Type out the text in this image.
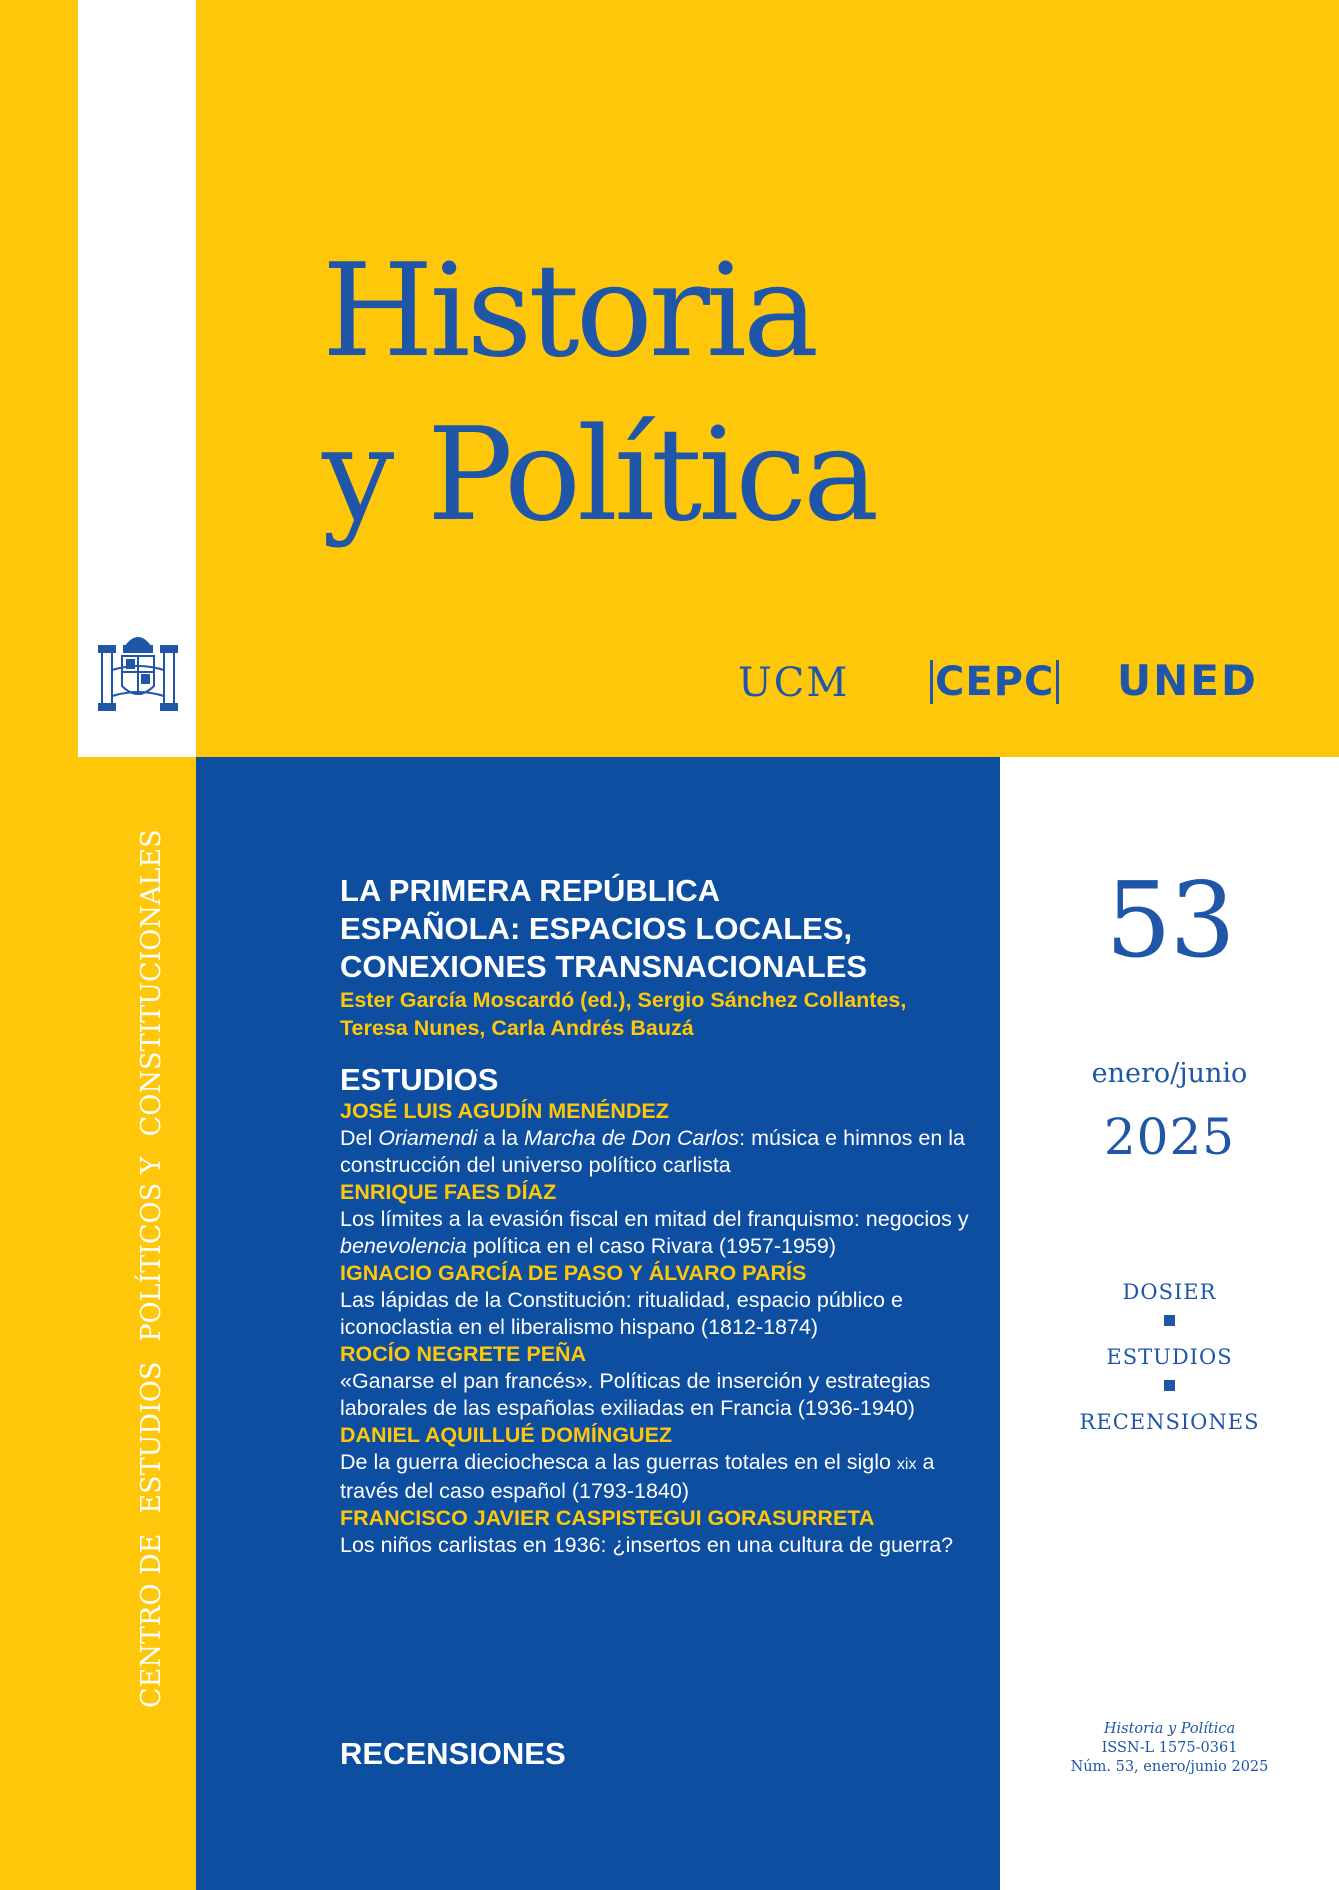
Historia
y Política
UCM CEPC UNED
CENTRO DE
ESTUDIOS
POLÍTICOS Y
CONSTITUCIONALES	LA PRIMERA REPÚBLICA
ESPAÑOLA: ESPACIOS LOCALES,
CONEXIONES TRANSNACIONALES
Ester García Moscardó (ed.), Sergio Sánchez Collantes,
Teresa Nunes, Carla Andrés Bauzá
ESTUDIOS
JOSÉ LUIS AGUDÍN MENÉNDEZ
Del Oriamendi a la Marcha de Don Carlos: música e himnos en la construcción del universo político carlista
ENRIQUE FAES DÍAZ
Los límites a la evasión fiscal en mitad del franquismo: negocios y benevolencia política en el caso Rivara (1957-1959)
IGNACIO GARCÍA DE PASO Y ÁLVARO PARÍS
Las lápidas de la Constitución: ritualidad, espacio público e iconoclastia en el liberalismo hispano (1812-1874)
ROCÍO NEGRETE PEÑA
«Ganarse el pan francés». Políticas de inserción y estrategias laborales de las españolas exiliadas en Francia (1936-1940)
DANIEL AQUILLUÉ DOMÍNGUEZ
De la guerra dieciochesca a las guerras totales en el siglo xix a través del caso español (1793-1840)
FRANCISCO JAVIER CASPISTEGUI GORASURRETA
Los niños carlistas en 1936: ¿insertos en una cultura de guerra?
RECENSIONES
53
enero/junio
2025
DOSIER
ESTUDIOS
RECENSIONES
Historia y Política
ISSN-L 1575-0361
Núm. 53, enero/junio 2025
